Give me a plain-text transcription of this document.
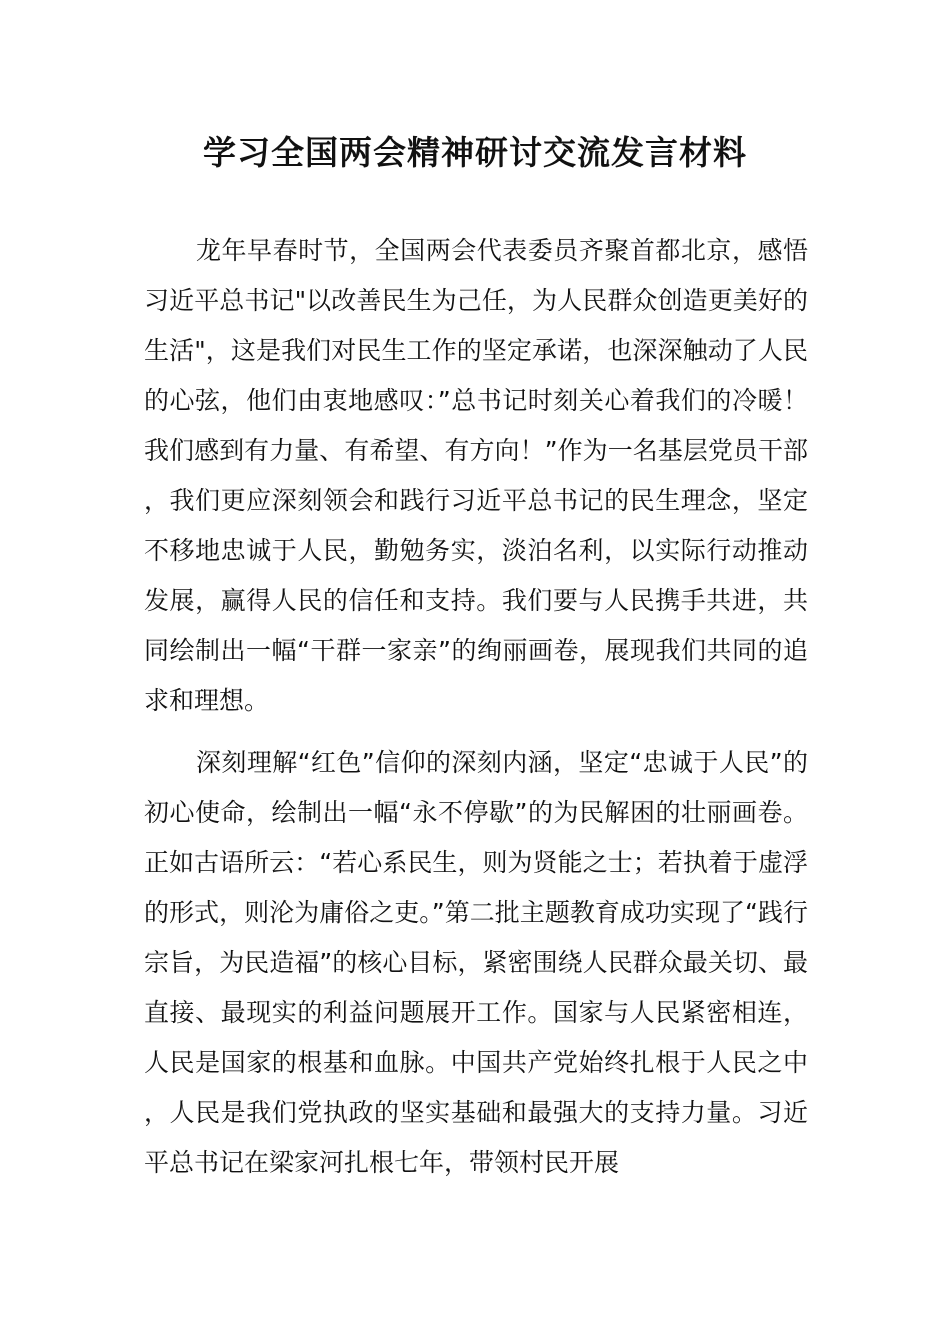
学习全国两会精神研讨交流发言材料

龙年早春时节，全国两会代表委员齐聚首都北京，感悟习近平总书记"以改善民生为己任，为人民群众创造更美好的生活"，这是我们对民生工作的坚定承诺，也深深触动了人民的心弦，他们由衷地感叹：”总书记时刻关心着我们的冷暖！我们感到有力量、有希望、有方向！”作为一名基层党员干部，我们更应深刻领会和践行习近平总书记的民生理念，坚定不移地忠诚于人民，勤勉务实，淡泊名利，以实际行动推动发展，赢得人民的信任和支持。我们要与人民携手共进，共同绘制出一幅“干群一家亲”的绚丽画卷，展现我们共同的追求和理想。

深刻理解“红色”信仰的深刻内涵，坚定“忠诚于人民”的初心使命，绘制出一幅“永不停歇”的为民解困的壮丽画卷。正如古语所云：“若心系民生，则为贤能之士；若执着于虚浮的形式，则沦为庸俗之吏。”第二批主题教育成功实现了“践行宗旨，为民造福”的核心目标，紧密围绕人民群众最关切、最直接、最现实的利益问题展开工作。国家与人民紧密相连，人民是国家的根基和血脉。中国共产党始终扎根于人民之中，人民是我们党执政的坚实基础和最强大的支持力量。习近平总书记在梁家河扎根七年，带领村民开展
